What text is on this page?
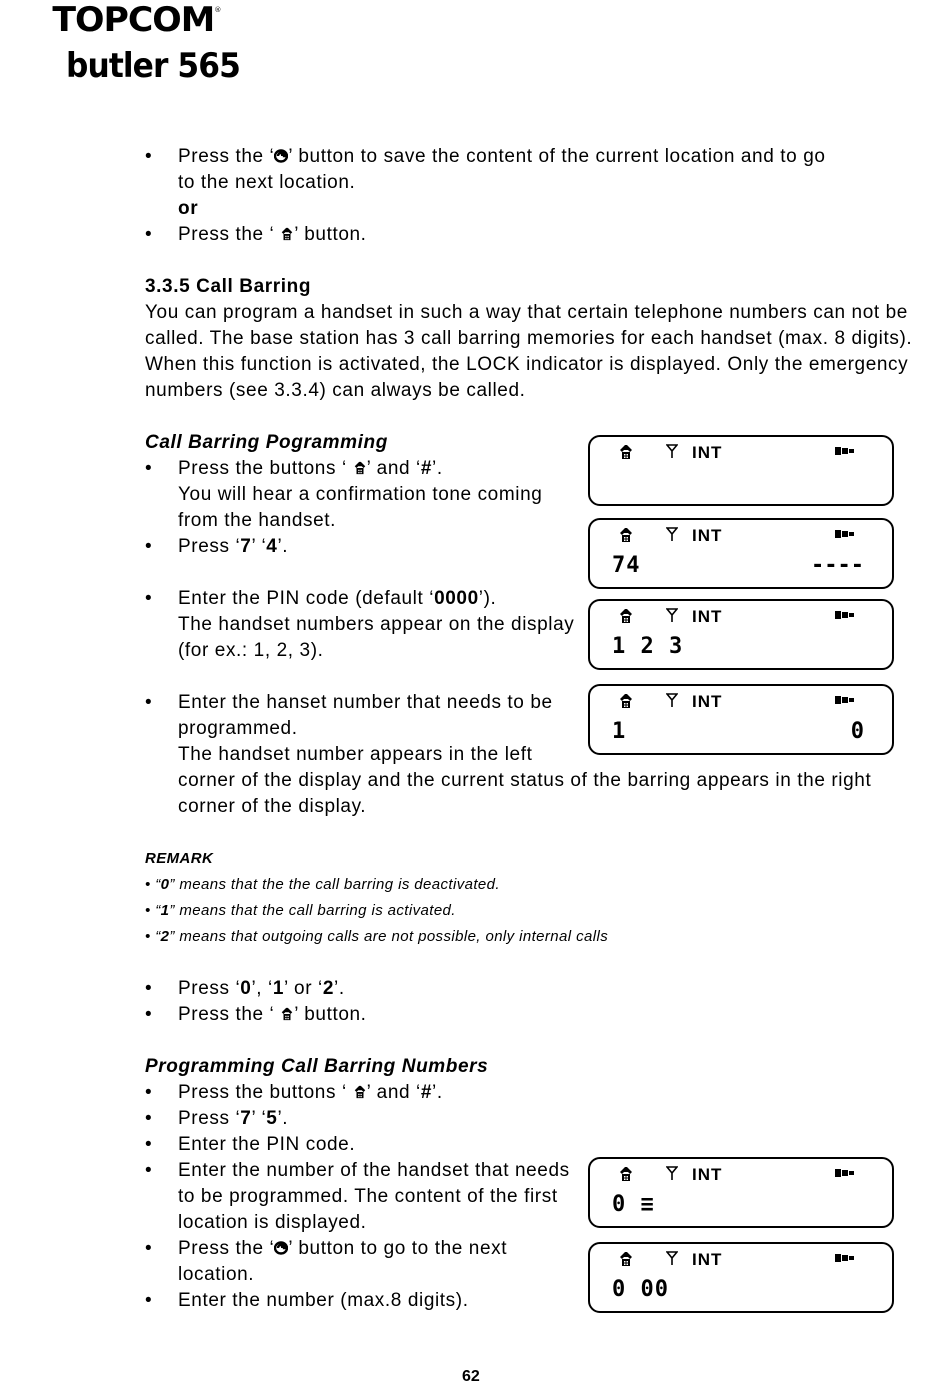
TOPCOM®
butler 565
• Press the ‘ ’ button to save the content of the current location and to go
to the next location.
or
• Press the ‘ ’ button.
3.3.5 Call Barring
You can program a handset in such a way that certain telephone numbers can not be
called. The base station has 3 call barring memories for each handset (max. 8 digits).
When this function is activated, the LOCK indicator is displayed. Only the emergency
numbers (see 3.3.4) can always be called.
Call Barring Pogramming
• Press the buttons ‘ ’ and ‘#’.
You will hear a confirmation tone coming
from the handset.
• Press ‘7’ ‘4’.
• Enter the PIN code (default ‘0000’).
The handset numbers appear on the display
(for ex.: 1, 2, 3).
• Enter the hanset number that needs to be
programmed.
The handset number appears in the left
corner of the display and the current status of the barring appears in the right
corner of the display.
REMARK
• “0” means that the the call barring is deactivated.
• “1” means that the call barring is activated.
• “2” means that outgoing calls are not possible, only internal calls
• Press ‘0’, ‘1’ or ‘2’.
• Press the ‘ ’ button.
Programming Call Barring Numbers
• Press the buttons ‘ ’ and ‘#’.
• Press ‘7’ ‘5’.
• Enter the PIN code.
• Enter the number of the handset that needs
to be programmed. The content of the first
location is displayed.
• Press the ‘ ’ button to go to the next
location.
• Enter the number (max.8 digits).
INT
INT
74	----
INT
1 2 3
INT
1	0
INT
0 ≡
INT
0 00
62
